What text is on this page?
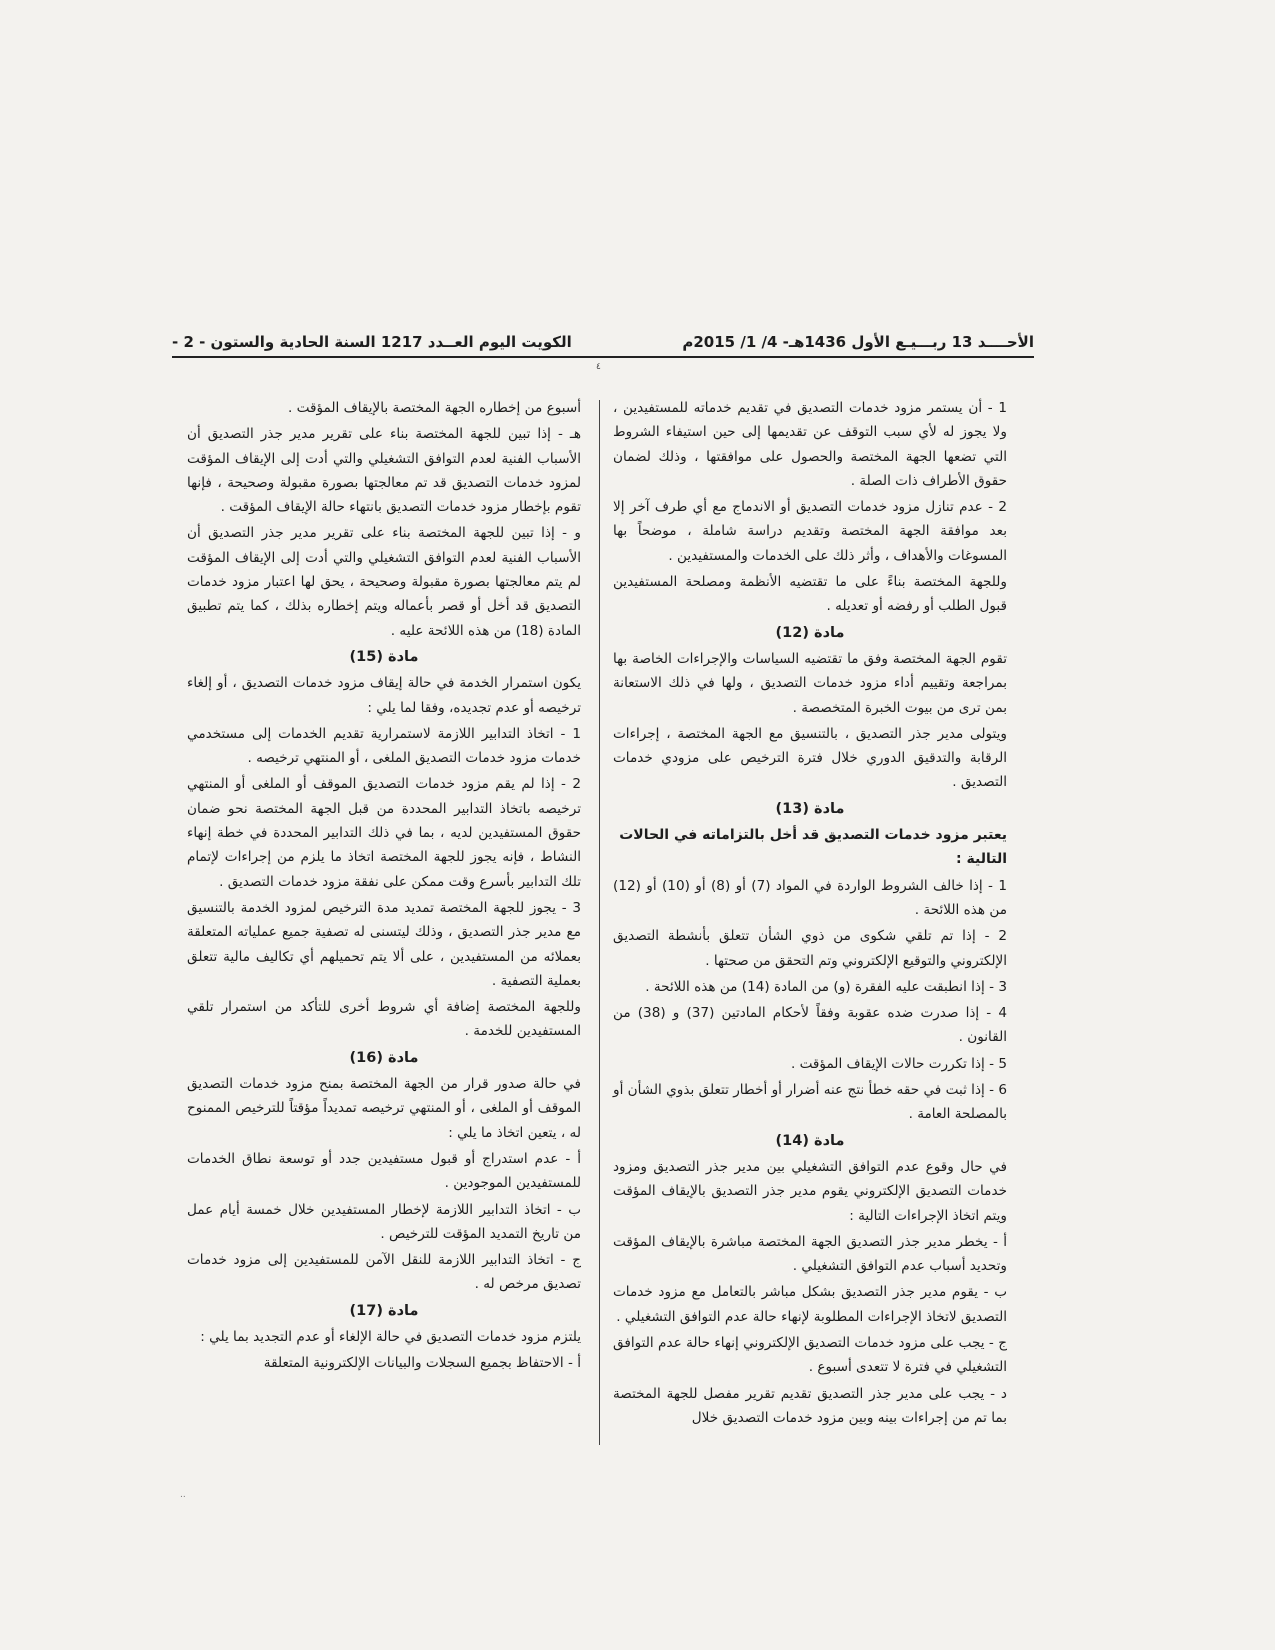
الكويت اليوم العــدد 1217 السنة الحادية والستون - 2 -	الأحــــد 13 ربـــيـع الأول 1436هـ- 4/ 1/ 2015م
٤

1 - أن يستمر مزود خدمات التصديق في تقديم خدماته للمستفيدين ، ولا يجوز له لأي سبب التوقف عن تقديمها إلى حين استيفاء الشروط التي تضعها الجهة المختصة والحصول على موافقتها ، وذلك لضمان حقوق الأطراف ذات الصلة .

2 - عدم تنازل مزود خدمات التصديق أو الاندماج مع أي طرف آخر إلا بعد موافقة الجهة المختصة وتقديم دراسة شاملة ، موضحاً بها المسوغات والأهداف ، وأثر ذلك على الخدمات والمستفيدين .

وللجهة المختصة بناءً على ما تقتضيه الأنظمة ومصلحة المستفيدين قبول الطلب أو رفضه أو تعديله .

مادة (12)

تقوم الجهة المختصة وفق ما تقتضيه السياسات والإجراءات الخاصة بها بمراجعة وتقييم أداء مزود خدمات التصديق ، ولها في ذلك الاستعانة بمن ترى من بيوت الخبرة المتخصصة .

ويتولى مدير جذر التصديق ، بالتنسيق مع الجهة المختصة ، إجراءات الرقابة والتدقيق الدوري خلال فترة الترخيص على مزودي خدمات التصديق .

مادة (13)

يعتبر مزود خدمات التصديق قد أخل بالتزاماته في الحالات التالية :

1 - إذا خالف الشروط الواردة في المواد (7) أو (8) أو (10) أو (12) من هذه اللائحة .

2 - إذا تم تلقي شكوى من ذوي الشأن تتعلق بأنشطة التصديق الإلكتروني والتوقيع الإلكتروني وتم التحقق من صحتها .

3 - إذا انطبقت عليه الفقرة (و) من المادة (14) من هذه اللائحة .

4 - إذا صدرت ضده عقوبة وفقاً لأحكام المادتين (37) و (38) من القانون .

5 - إذا تكررت حالات الإيقاف المؤقت .

6 - إذا ثبت في حقه خطأ نتج عنه أضرار أو أخطار تتعلق بذوي الشأن أو بالمصلحة العامة .

مادة (14)

في حال وقوع عدم التوافق التشغيلي بين مدير جذر التصديق ومزود خدمات التصديق الإلكتروني يقوم مدير جذر التصديق بالإيقاف المؤقت ويتم اتخاذ الإجراءات التالية :

أ - يخطر مدير جذر التصديق الجهة المختصة مباشرة بالإيقاف المؤقت وتحديد أسباب عدم التوافق التشغيلي .

ب - يقوم مدير جذر التصديق بشكل مباشر بالتعامل مع مزود خدمات التصديق لاتخاذ الإجراءات المطلوبة لإنهاء حالة عدم التوافق التشغيلي .

ج - يجب على مزود خدمات التصديق الإلكتروني إنهاء حالة عدم التوافق التشغيلي في فترة لا تتعدى أسبوع .

د - يجب على مدير جذر التصديق تقديم تقرير مفصل للجهة المختصة بما تم من إجراءات بينه وبين مزود خدمات التصديق خلال

أسبوع من إخطاره الجهة المختصة بالإيقاف المؤقت .

هـ - إذا تبين للجهة المختصة بناء على تقرير مدير جذر التصديق أن الأسباب الفنية لعدم التوافق التشغيلي والتي أدت إلى الإيقاف المؤقت لمزود خدمات التصديق قد تم معالجتها بصورة مقبولة وصحيحة ، فإنها تقوم بإخطار مزود خدمات التصديق بانتهاء حالة الإيقاف المؤقت .

و - إذا تبين للجهة المختصة بناء على تقرير مدير جذر التصديق أن الأسباب الفنية لعدم التوافق التشغيلي والتي أدت إلى الإيقاف المؤقت لم يتم معالجتها بصورة مقبولة وصحيحة ، يحق لها اعتبار مزود خدمات التصديق قد أخل أو قصر بأعماله ويتم إخطاره بذلك ، كما يتم تطبيق المادة (18) من هذه اللائحة عليه .

مادة (15)

يكون استمرار الخدمة في حالة إيقاف مزود خدمات التصديق ، أو إلغاء ترخيصه أو عدم تجديده، وفقا لما يلي :

1 - اتخاذ التدابير اللازمة لاستمرارية تقديم الخدمات إلى مستخدمي خدمات مزود خدمات التصديق الملغى ، أو المنتهي ترخيصه .

2 - إذا لم يقم مزود خدمات التصديق الموقف أو الملغى أو المنتهي ترخيصه باتخاذ التدابير المحددة من قبل الجهة المختصة نحو ضمان حقوق المستفيدين لديه ، بما في ذلك التدابير المحددة في خطة إنهاء النشاط ، فإنه يجوز للجهة المختصة اتخاذ ما يلزم من إجراءات لإتمام تلك التدابير بأسرع وقت ممكن على نفقة مزود خدمات التصديق .

3 - يجوز للجهة المختصة تمديد مدة الترخيص لمزود الخدمة بالتنسيق مع مدير جذر التصديق ، وذلك ليتسنى له تصفية جميع عملياته المتعلقة بعملائه من المستفيدين ، على ألا يتم تحميلهم أي تكاليف مالية تتعلق بعملية التصفية .

وللجهة المختصة إضافة أي شروط أخرى للتأكد من استمرار تلقي المستفيدين للخدمة .

مادة (16)

في حالة صدور قرار من الجهة المختصة بمنح مزود خدمات التصديق الموقف أو الملغى ، أو المنتهي ترخيصه تمديداً مؤقتاً للترخيص الممنوح له ، يتعين اتخاذ ما يلي :

أ - عدم استدراج أو قبول مستفيدين جدد أو توسعة نطاق الخدمات للمستفيدين الموجودين .

ب - اتخاذ التدابير اللازمة لإخطار المستفيدين خلال خمسة أيام عمل من تاريخ التمديد المؤقت للترخيص .

ج - اتخاذ التدابير اللازمة للنقل الآمن للمستفيدين إلى مزود خدمات تصديق مرخص له .

مادة (17)

يلتزم مزود خدمات التصديق في حالة الإلغاء أو عدم التجديد بما يلي :

أ - الاحتفاظ بجميع السجلات والبيانات الإلكترونية المتعلقة

..
